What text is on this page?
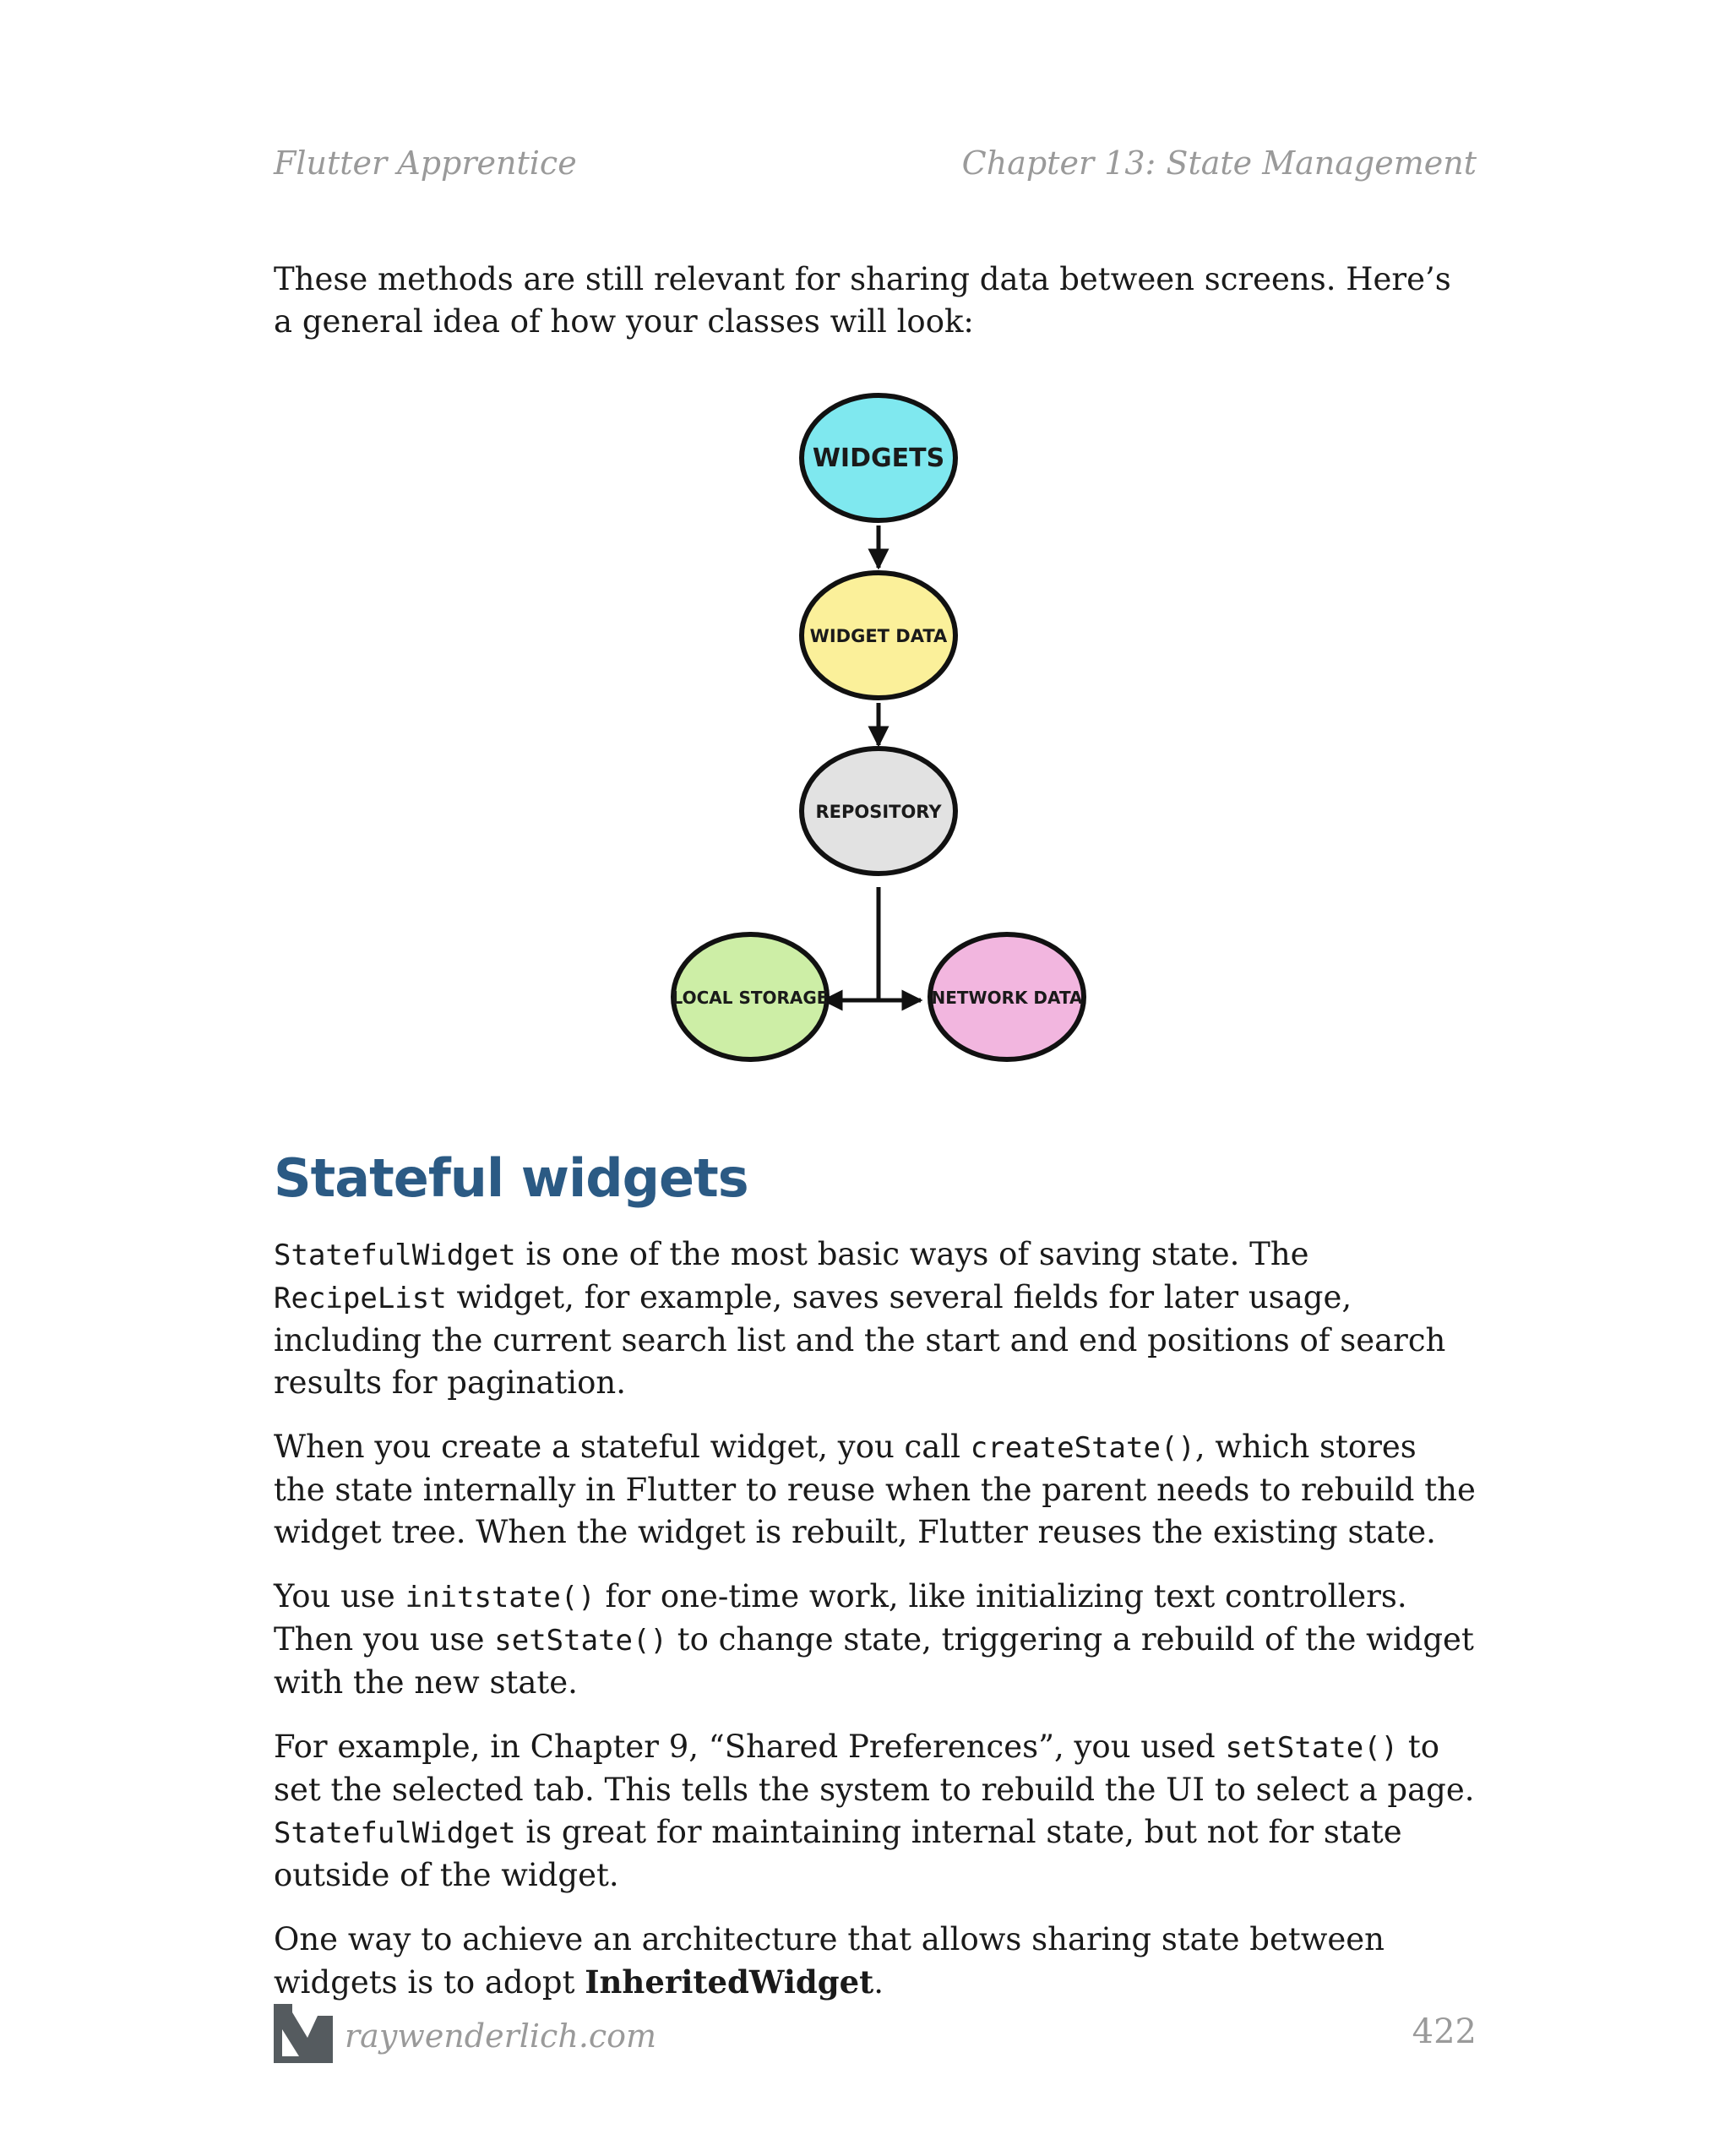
Flutter Apprentice	Chapter 13: State Management

These methods are still relevant for sharing data between screens. Here’s a general idea of how your classes will look:

WIDGETS
WIDGET DATA
REPOSITORY
LOCAL STORAGE	NETWORK DATA
Stateful widgets

StatefulWidget is one of the most basic ways of saving state. The RecipeList widget, for example, saves several fields for later usage, including the current search list and the start and end positions of search results for pagination.

When you create a stateful widget, you call createState(), which stores the state internally in Flutter to reuse when the parent needs to rebuild the widget tree. When the widget is rebuilt, Flutter reuses the existing state.

You use initstate() for one-time work, like initializing text controllers. Then you use setState() to change state, triggering a rebuild of the widget with the new state.

For example, in Chapter 9, “Shared Preferences”, you used setState() to set the selected tab. This tells the system to rebuild the UI to select a page. StatefulWidget is great for maintaining internal state, but not for state outside of the widget.

One way to achieve an architecture that allows sharing state between widgets is to adopt InheritedWidget.

raywenderlich.com	422
